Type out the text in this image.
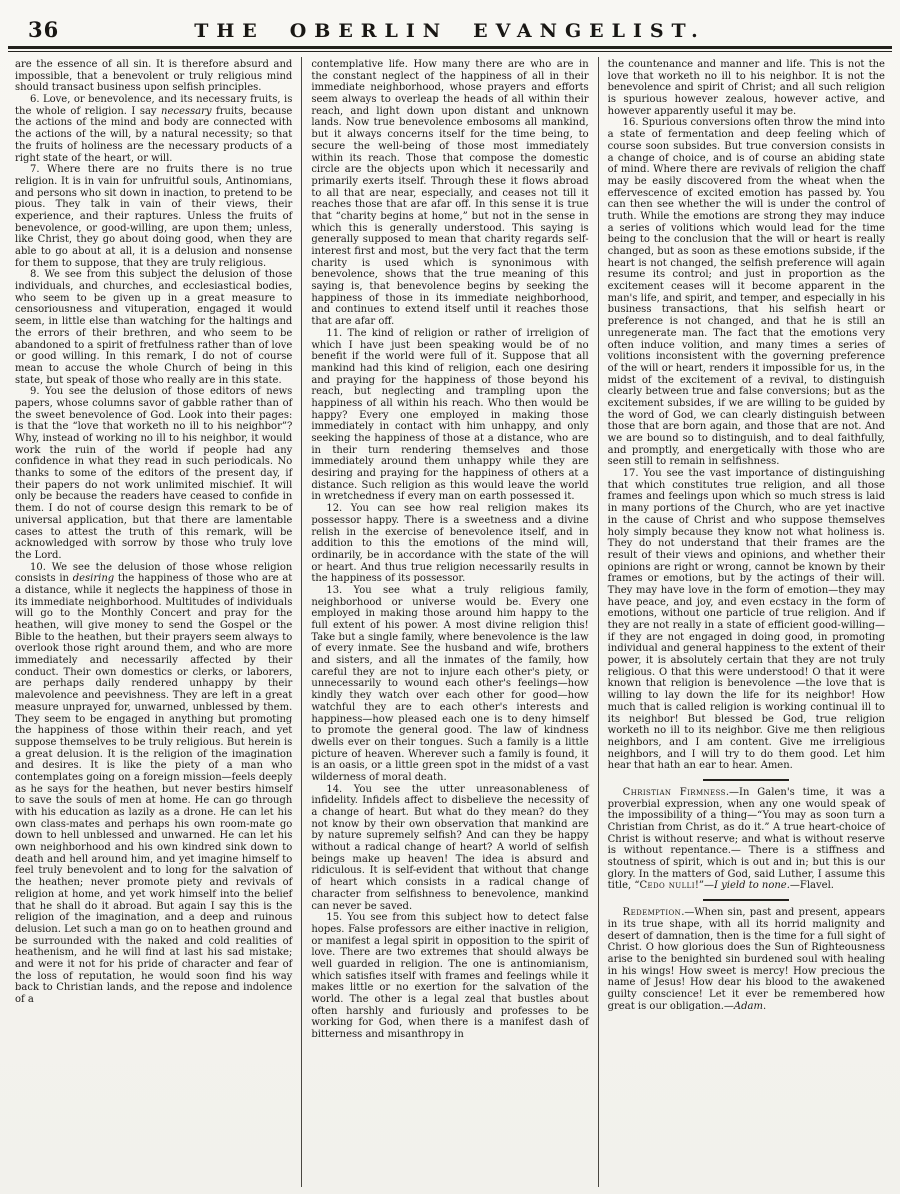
36	THE OBERLIN EVANGELIST.

are the essence of all sin. It is therefore absurd and impossible, that a benevolent or truly religious mind should transact business upon selfish principles.

6. Love, or benevolence, and its necessary fruits, is the whole of religion. I say necessary fruits, because the actions of the mind and body are connected with the actions of the will, by a natural necessity; so that the fruits of holiness are the necessary products of a right state of the heart, or will.

7. Where there are no fruits there is no true religion. It is in vain for unfruitful souls, Antinomians, and persons who sit down in inaction, to pretend to be pious. They talk in vain of their views, their experience, and their raptures. Unless the fruits of benevolence, or good-willing, are upon them; unless, like Christ, they go about doing good, when they are able to go about at all, it is a delusion and nonsense for them to suppose, that they are truly religious.

8. We see from this subject the delusion of those individuals, and churches, and ecclesiastical bodies, who seem to be given up in a great measure to censoriousness and vituperation, engaged it would seem, in little else than watching for the haltings and the errors of their brethren, and who seem to be abandoned to a spirit of fretfulness rather than of love or good willing. In this remark, I do not of course mean to accuse the whole Church of being in this state, but speak of those who really are in this state.

9. You see the delusion of those editors of news papers, whose columns savor of gabble rather than of the sweet benevolence of God. Look into their pages: is that the “love that worketh no ill to his neighbor”? Why, instead of working no ill to his neighbor, it would work the ruin of the world if people had any confidence in what they read in such periodicals. No thanks to some of the editors of the present day, if their papers do not work unlimited mischief. It will only be because the readers have ceased to confide in them. I do not of course design this remark to be of universal application, but that there are lamentable cases to attest the truth of this remark, will be acknowledged with sorrow by those who truly love the Lord.

10. We see the delusion of those whose religion consists in desiring the happiness of those who are at a distance, while it neglects the happiness of those in its immediate neighborhood. Multitudes of individuals will go to the Monthly Concert and pray for the heathen, will give money to send the Gospel or the Bible to the heathen, but their prayers seem always to overlook those right around them, and who are more immediately and necessarily affected by their conduct. Their own domestics or clerks, or laborers, are perhaps daily rendered unhappy by their malevolence and peevishness. They are left in a great measure unprayed for, unwarned, unblessed by them. They seem to be engaged in anything but promoting the happiness of those within their reach, and yet suppose themselves to be truly religious. But herein is a great delusion. It is the religion of the imagination and desires. It is like the piety of a man who contemplates going on a foreign mission—feels deeply as he says for the heathen, but never bestirs himself to save the souls of men at home. He can go through with his education as lazily as a drone. He can let his own class-mates and perhaps his own room-mate go down to hell unblessed and unwarned. He can let his own neighborhood and his own kindred sink down to death and hell around him, and yet imagine himself to feel truly benevolent and to long for the salvation of the heathen; never promote piety and revivals of religion at home, and yet work himself into the belief that he shall do it abroad. But again I say this is the religion of the imagination, and a deep and ruinous delusion. Let such a man go on to heathen ground and be surrounded with the naked and cold realities of heathenism, and he will find at last his sad mistake; and were it not for his pride of character and fear of the loss of reputation, he would soon find his way back to Christian lands, and the repose and indolence of a

contemplative life. How many there are who are in the constant neglect of the happiness of all in their immediate neighborhood, whose prayers and efforts seem always to overleap the heads of all within their reach, and light down upon distant and unknown lands. Now true benevolence embosoms all mankind, but it always concerns itself for the time being, to secure the well-being of those most immediately within its reach. Those that compose the domestic circle are the objects upon which it necessarily and primarily exerts itself. Through these it flows abroad to all that are near, especially, and ceases not till it reaches those that are afar off. In this sense it is true that “charity begins at home,” but not in the sense in which this is generally understood. This saying is generally supposed to mean that charity regards self-interest first and most, but the very fact that the term charity is used which is synonimous with benevolence, shows that the true meaning of this saying is, that benevolence begins by seeking the happiness of those in its immediate neighborhood, and continues to extend itself until it reaches those that are afar off.

11. The kind of religion or rather of irreligion of which I have just been speaking would be of no benefit if the world were full of it. Suppose that all mankind had this kind of religion, each one desiring and praying for the happiness of those beyond his reach, but neglecting and trampling upon the happiness of all within his reach. Who then would be happy? Every one employed in making those immediately in contact with him unhappy, and only seeking the happiness of those at a distance, who are in their turn rendering themselves and those immediately around them unhappy while they are desiring and praying for the happiness of others at a distance. Such religion as this would leave the world in wretchedness if every man on earth possessed it.

12. You can see how real religion makes its possessor happy. There is a sweetness and a divine relish in the exercise of benevolence itself, and in addition to this the emotions of the mind will, ordinarily, be in accordance with the state of the will or heart. And thus true religion necessarily results in the happiness of its possessor.

13. You see what a truly religious family, neighborhood or universe would be. Every one employed in making those around him happy to the full extent of his power. A most divine religion this! Take but a single family, where benevolence is the law of every inmate. See the husband and wife, brothers and sisters, and all the inmates of the family, how careful they are not to injure each other's piety, or unnecessarily to wound each other's feelings—how kindly they watch over each other for good—how watchful they are to each other's interests and happiness—how pleased each one is to deny himself to promote the general good. The law of kindness dwells ever on their tongues. Such a family is a little picture of heaven. Wherever such a family is found, it is an oasis, or a little green spot in the midst of a vast wilderness of moral death.

14. You see the utter unreasonableness of infidelity. Infidels affect to disbelieve the necessity of a change of heart. But what do they mean? do they not know by their own observation that mankind are by nature supremely selfish? And can they be happy without a radical change of heart? A world of selfish beings make up heaven! The idea is absurd and ridiculous. It is self-evident that without that change of heart which consists in a radical change of character from selfishness to benevolence, mankind can never be saved.

15. You see from this subject how to detect false hopes. False professors are either inactive in religion, or manifest a legal spirit in opposition to the spirit of love. There are two extremes that should always be well guarded in religion. The one is antinomianism, which satisfies itself with frames and feelings while it makes little or no exertion for the salvation of the world. The other is a legal zeal that bustles about often harshly and furiously and professes to be working for God, when there is a manifest dash of bitterness and misanthropy in

the countenance and manner and life. This is not the love that worketh no ill to his neighbor. It is not the benevolence and spirit of Christ; and all such religion is spurious however zealous, however active, and however apparently useful it may be.

16. Spurious conversions often throw the mind into a state of fermentation and deep feeling which of course soon subsides. But true conversion consists in a change of choice, and is of course an abiding state of mind. Where there are revivals of religion the chaff may be easily discovered from the wheat when the effervescence of excited emotion has passed by. You can then see whether the will is under the control of truth. While the emotions are strong they may induce a series of volitions which would lead for the time being to the conclusion that the will or heart is really changed, but as soon as these emotions subside, if the heart is not changed, the selfish preference will again resume its control; and just in proportion as the excitement ceases will it become apparent in the man's life, and spirit, and temper, and especially in his business transactions, that his selfish heart or preference is not changed, and that he is still an unregenerate man. The fact that the emotions very often induce volition, and many times a series of volitions inconsistent with the governing preference of the will or heart, renders it impossible for us, in the midst of the excitement of a revival, to distinguish clearly between true and false conversions; but as the excitement subsides, if we are willing to be guided by the word of God, we can clearly distinguish between those that are born again, and those that are not. And we are bound so to distinguish, and to deal faithfully, and promptly, and energetically with those who are seen still to remain in selfishness.

17. You see the vast importance of distinguishing that which constitutes true religion, and all those frames and feelings upon which so much stress is laid in many portions of the Church, who are yet inactive in the cause of Christ and who suppose themselves holy simply because they know not what holiness is. They do not understand that their frames are the result of their views and opinions, and whether their opinions are right or wrong, cannot be known by their frames or emotions, but by the actings of their will. They may have love in the form of emotion—they may have peace, and joy, and even ecstacy in the form of emotions, without one particle of true religion. And if they are not really in a state of efficient good-willing—if they are not engaged in doing good, in promoting individual and general happiness to the extent of their power, it is absolutely certain that they are not truly religious. O that this were understood! O that it were known that religion is benevolence —the love that is willing to lay down the life for its neighbor! How much that is called religion is working continual ill to its neighbor! But blessed be God, true religion worketh no ill to its neighbor. Give me then religious neighbors, and I am content. Give me irreligious neighbors, and I will try to do them good. Let him hear that hath an ear to hear. Amen.

Christian Firmness.—In Galen's time, it was a proverbial expression, when any one would speak of the impossibility of a thing—“You may as soon turn a Christian from Christ, as do it.” A true heart-choice of Christ is without reserve; and what is without reserve is without repentance.— There is a stiffness and stoutness of spirit, which is out and in; but this is our glory. In the matters of God, said Luther, I assume this title, “Cedo nulli!”—I yield to none.—Flavel.

Redemption.—When sin, past and present, appears in its true shape, with all its horrid malignity and desert of damnation, then is the time for a full sight of Christ. O how glorious does the Sun of Righteousness arise to the benighted sin burdened soul with healing in his wings! How sweet is mercy! How precious the name of Jesus! How dear his blood to the awakened guilty conscience! Let it ever be remembered how great is our obligation.—Adam.
